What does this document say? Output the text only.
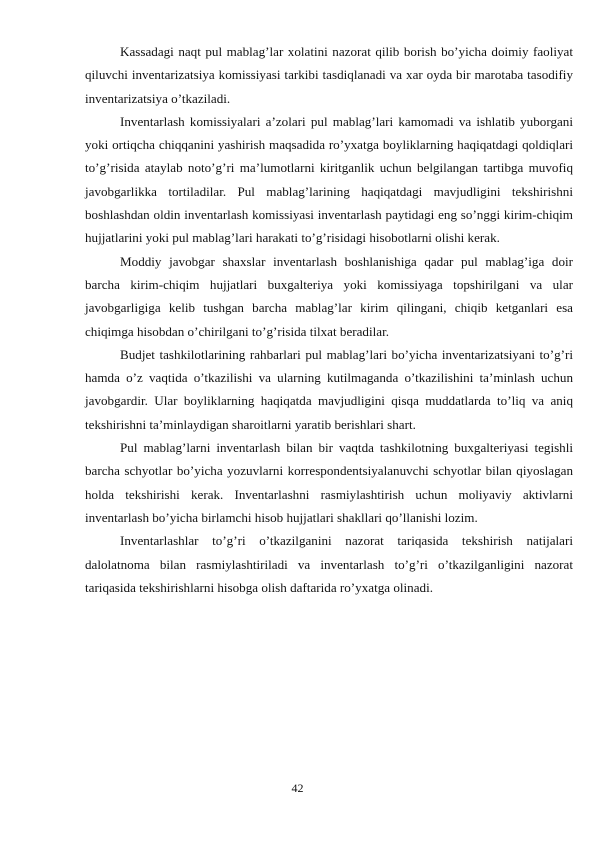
Kassadagi naqt pul mablag’lar xolatini nazorat qilib borish bo’yicha doimiy faoliyat qiluvchi inventarizatsiya komissiyasi tarkibi tasdiqlanadi va xar oyda bir marotaba tasodifiy inventarizatsiya o’tkaziladi.

Inventarlash komissiyalari a’zolari pul mablag’lari kamomadi va ishlatib yuborgani yoki ortiqcha chiqqanini yashirish maqsadida ro’yxatga boyliklarning haqiqatdagi qoldiqlari to’g’risida ataylab noto’g’ri ma’lumotlarni kiritganlik uchun belgilangan tartibga muvofiq javobgarlikka tortiladilar. Pul mablag’larining haqiqatdagi mavjudligini tekshirishni boshlashdan oldin inventarlash komissiyasi inventarlash paytidagi eng so’nggi kirim-chiqim hujjatlarini yoki pul mablag’lari harakati to’g’risidagi hisobotlarni olishi kerak.

Moddiy javobgar shaxslar inventarlash boshlanishiga qadar pul mablag’iga doir barcha kirim-chiqim hujjatlari buxgalteriya yoki komissiyaga topshirilgani va ular javobgarligiga kelib tushgan barcha mablag’lar kirim qilingani, chiqib ketganlari esa chiqimga hisobdan o’chirilgani to’g’risida tilxat beradilar.

Budjet tashkilotlarining rahbarlari pul mablag’lari bo’yicha inventarizatsiyani to’g’ri hamda o’z vaqtida o’tkazilishi va ularning kutilmaganda o’tkazilishini ta’minlash uchun javobgardir. Ular boyliklarning haqiqatda mavjudligini qisqa muddatlarda to’liq va aniq tekshirishni ta’minlaydigan sharoitlarni yaratib berishlari shart.

Pul mablag’larni inventarlash bilan bir vaqtda tashkilotning buxgalteriyasi tegishli barcha schyotlar bo’yicha yozuvlarni korrespondentsiyalanuvchi schyotlar bilan qiyoslagan holda tekshirishi kerak. Inventarlashni rasmiylashtirish uchun moliyaviy aktivlarni inventarlash bo’yicha birlamchi hisob hujjatlari shakllari qo’llanishi lozim.

Inventarlashlar to’g’ri o’tkazilganini nazorat tariqasida tekshirish natijalari dalolatnoma bilan rasmiylashtiriladi va inventarlash to’g’ri o’tkazilganligini nazorat tariqasida tekshirishlarni hisobga olish daftarida ro’yxatga olinadi.

42
